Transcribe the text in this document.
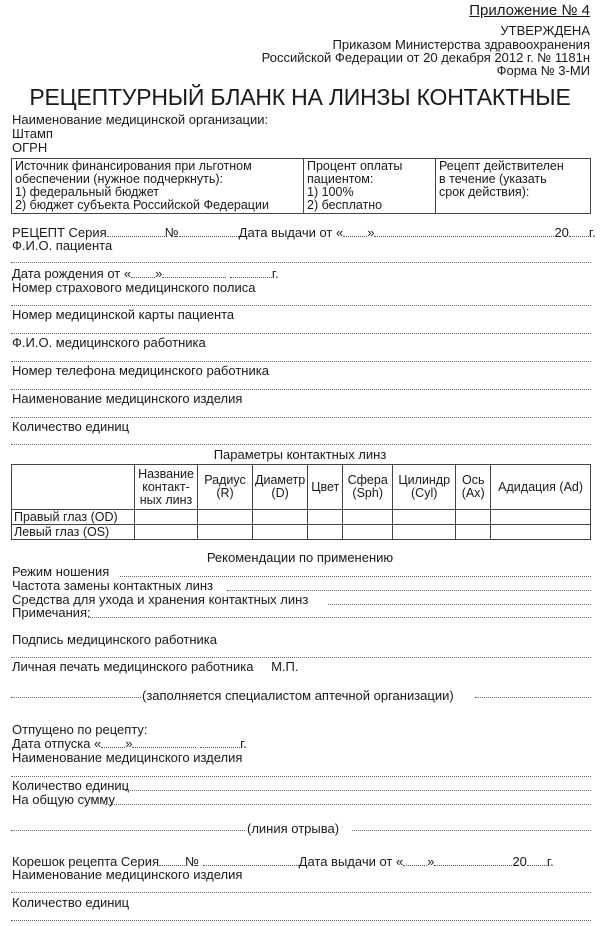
Приложение № 4
УТВЕРЖДЕНА
Приказом Министерства здравоохранения
Российской Федерации от 20 декабря 2012 г. № 1181н
Форма № 3-МИ
РЕЦЕПТУРНЫЙ БЛАНК НА ЛИНЗЫ КОНТАКТНЫЕ
Наименование медицинской организации:
Штамп
ОГРН
Источник финансирования при льготном
обеспечении (нужное подчеркнуть):
1) федеральный бюджет
2) бюджет субъекта Российской Федерации

Процент оплаты
пациентом:
1) 100%
2) бесплатно

Рецепт действителен
в течение (указать
срок действия):
РЕЦЕПТ Серия	№	Дата выдачи от « »	20 г.
Ф.И.О. пациента
Дата рождения от « »	г.
Номер страхового медицинского полиса
Номер медицинской карты пациента
Ф.И.О. медицинского работника
Номер телефона медицинского работника
Наименование медицинского изделия
Количество единиц
Параметры контактных линз
	Название контакт-ных линз	Радиус (R)	Диаметр (D)	Цвет	Сфера (Sph)	Цилиндр (Cyl)	Ось (Ax)	Адидация (Ad)
Правый глаз (OD)								
Левый глаз (OS)								
Рекомендации по применению
Режим ношения
Частота замены контактных линз
Средства для ухода и хранения контактных линз
Примечания:
Подпись медицинского работника
Личная печать медицинского работника М.П.
(заполняется специалистом аптечной организации)
Отпущено по рецепту:
Дата отпуска « »	г.
Наименование медицинского изделия
Количество единиц
На общую сумму
(линия отрыва)
Корешок рецепта Серия №	Дата выдачи от « »	20 г.
Наименование медицинского изделия
Количество единиц
